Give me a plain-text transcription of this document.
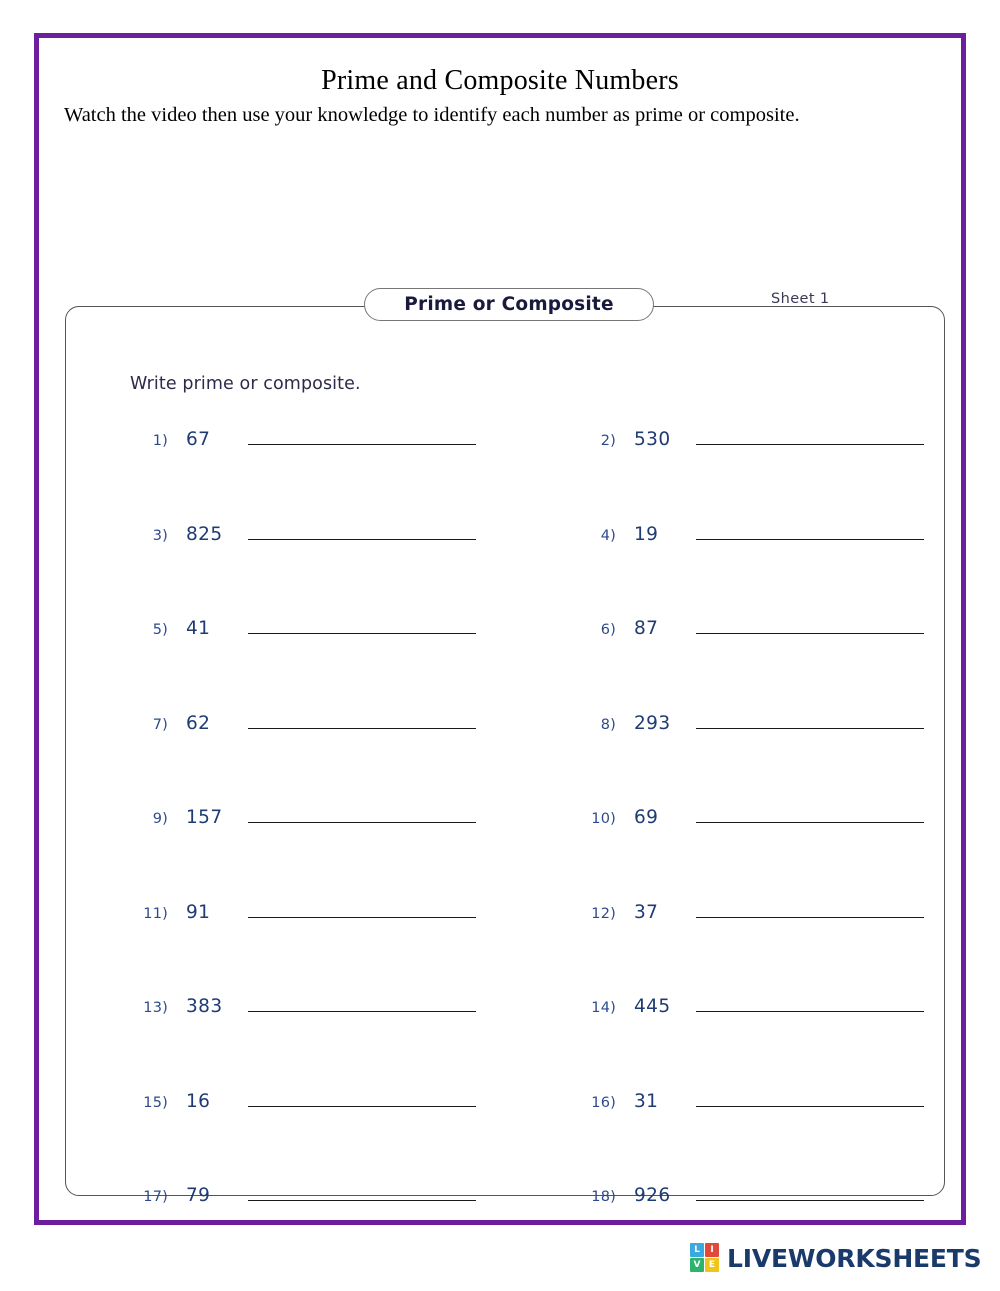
Prime and Composite Numbers
Watch the video then use your knowledge to identify each number as prime or composite.
Prime or Composite	Sheet 1
Write prime or composite.
1) 67	2) 530
3) 825	4) 19
5) 41	6) 87
7) 62	8) 293
9) 157	10) 69
11) 91	12) 37
13) 383	14) 445
15) 16	16) 31
17) 79	18) 926
L	I
V E LIVEWORKSHEETS
